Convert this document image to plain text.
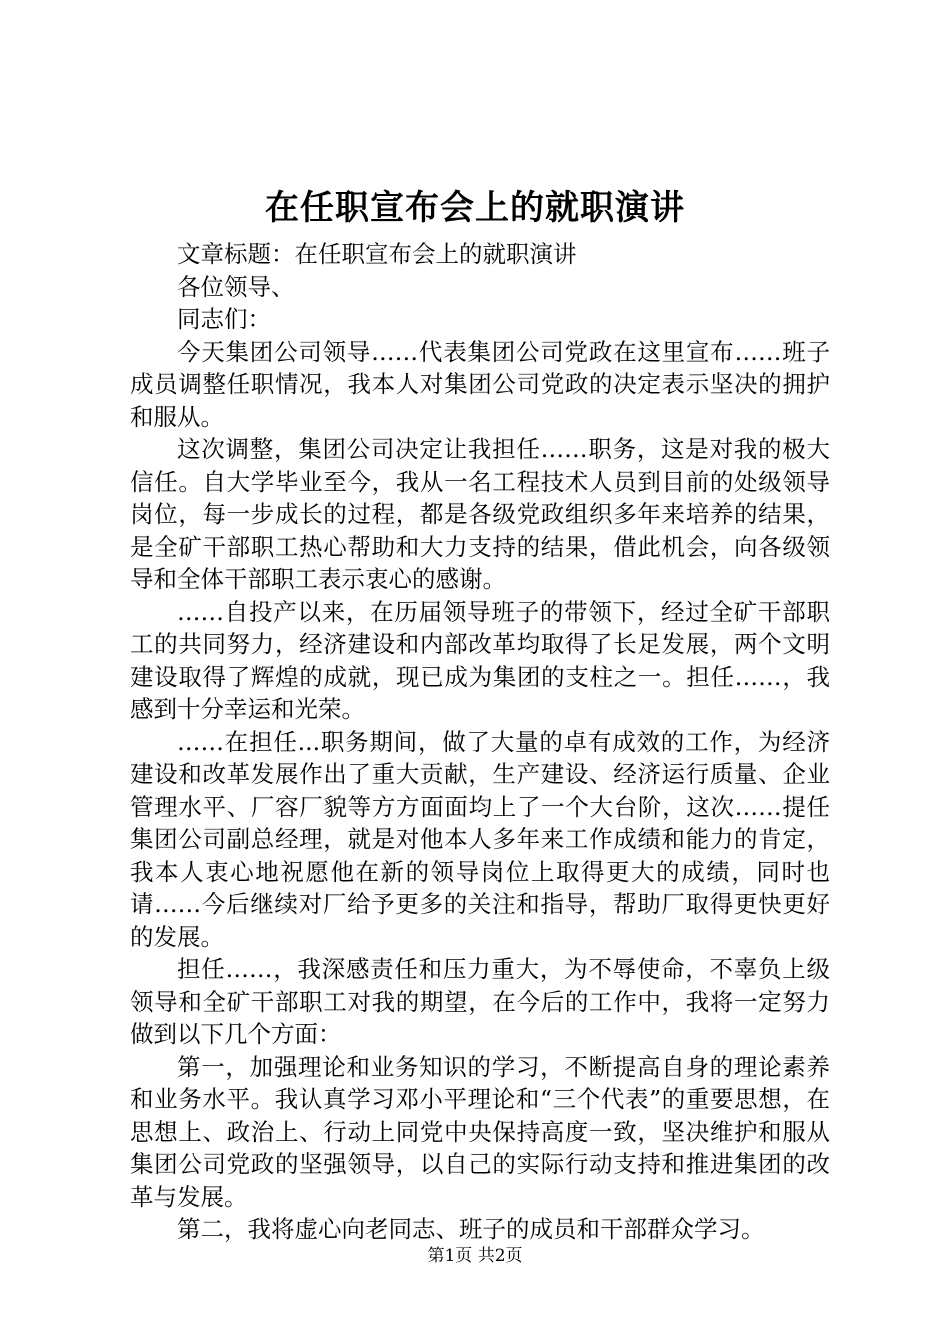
在任职宣布会上的就职演讲

文章标题：在任职宣布会上的就职演讲

各位领导、

同志们：

今天集团公司领导……代表集团公司党政在这里宣布……班子成员调整任职情况，我本人对集团公司党政的决定表示坚决的拥护和服从。

这次调整，集团公司决定让我担任……职务，这是对我的极大信任。自大学毕业至今，我从一名工程技术人员到目前的处级领导岗位，每一步成长的过程，都是各级党政组织多年来培养的结果，是全矿干部职工热心帮助和大力支持的结果，借此机会，向各级领导和全体干部职工表示衷心的感谢。

……自投产以来，在历届领导班子的带领下，经过全矿干部职工的共同努力，经济建设和内部改革均取得了长足发展，两个文明建设取得了辉煌的成就，现已成为集团的支柱之一。担任……，我感到十分幸运和光荣。

……在担任...职务期间，做了大量的卓有成效的工作，为经济建设和改革发展作出了重大贡献，生产建设、经济运行质量、企业管理水平、厂容厂貌等方方面面均上了一个大台阶，这次……提任集团公司副总经理，就是对他本人多年来工作成绩和能力的肯定，我本人衷心地祝愿他在新的领导岗位上取得更大的成绩，同时也请……今后继续对厂给予更多的关注和指导，帮助厂取得更快更好的发展。

担任……，我深感责任和压力重大，为不辱使命，不辜负上级领导和全矿干部职工对我的期望，在今后的工作中，我将一定努力做到以下几个方面：

第一，加强理论和业务知识的学习，不断提高自身的理论素养和业务水平。我认真学习邓小平理论和“三个代表”的重要思想，在思想上、政治上、行动上同党中央保持高度一致，坚决维护和服从集团公司党政的坚强领导，以自己的实际行动支持和推进集团的改革与发展。

第二，我将虚心向老同志、班子的成员和干部群众学习。

第1页 共2页
